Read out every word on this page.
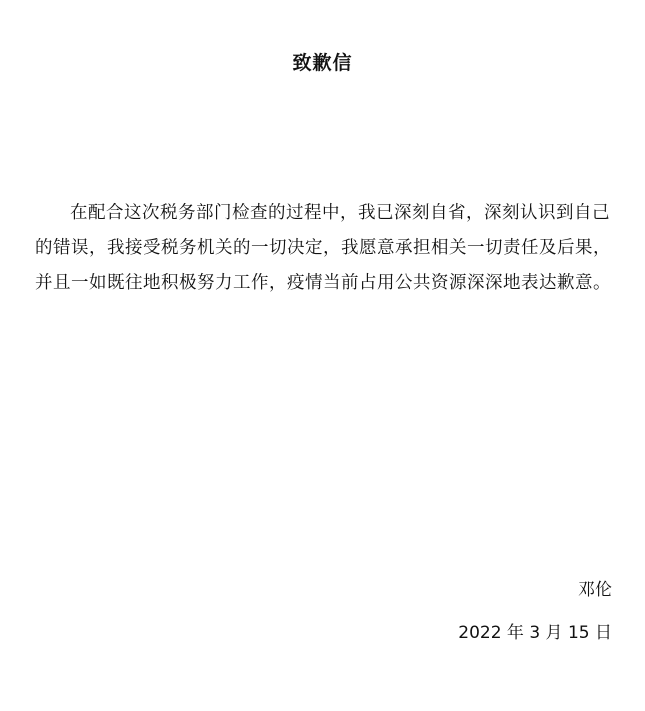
致歉信

在配合这次税务部门检查的过程中，我已深刻自省，深刻认识到自己的错误，我接受税务机关的一切决定，我愿意承担相关一切责任及后果，并且一如既往地积极努力工作，疫情当前占用公共资源深深地表达歉意。

邓伦
2022 年 3 月 15 日
